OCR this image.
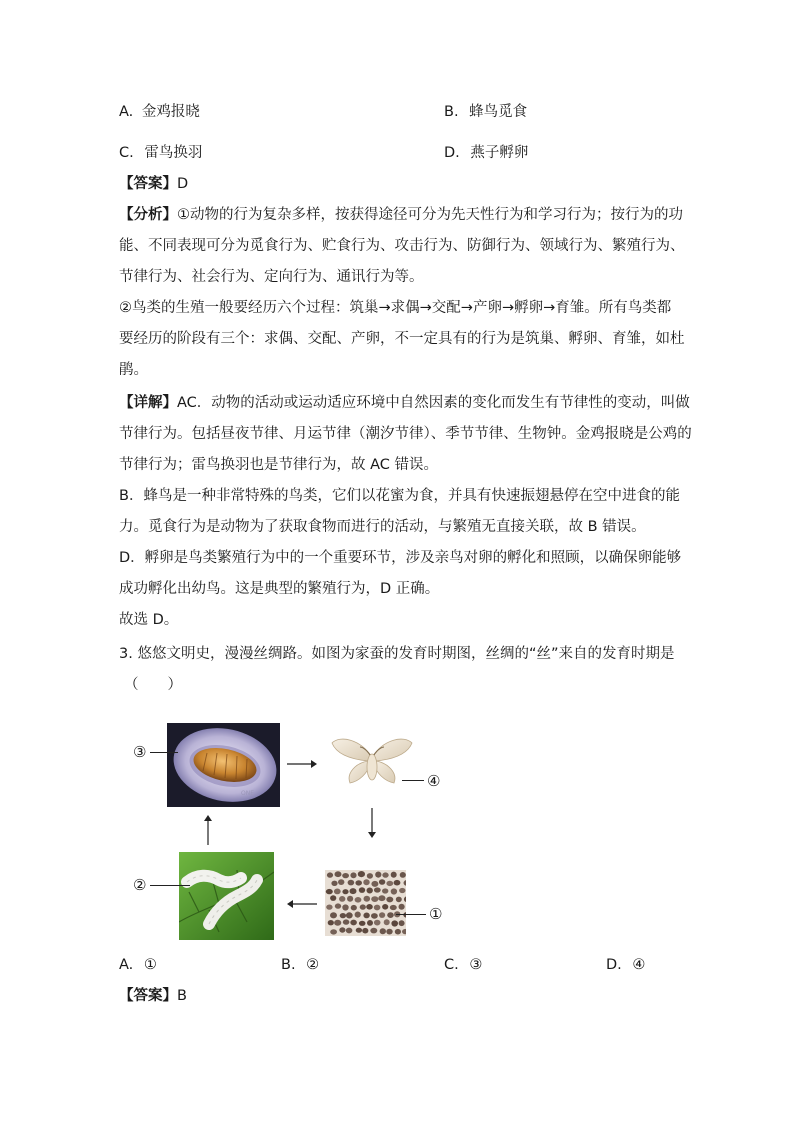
A. 金鸡报晓	B. 蜂鸟觅食
C. 雷鸟换羽	D. 燕子孵卵
【答案】D
【分析】①动物的行为复杂多样，按获得途径可分为先天性行为和学习行为；按行为的功
能、不同表现可分为觅食行为、贮食行为、攻击行为、防御行为、领域行为、繁殖行为、
节律行为、社会行为、定向行为、通讯行为等。
②鸟类的生殖一般要经历六个过程：筑巢→求偶→交配→产卵→孵卵→育雏。所有鸟类都
要经历的阶段有三个：求偶、交配、产卵，不一定具有的行为是筑巢、孵卵、育雏，如杜
鹃。
【详解】AC．动物的活动或运动适应环境中自然因素的变化而发生有节律性的变动，叫做
节律行为。包括昼夜节律、月运节律（潮汐节律）、季节节律、生物钟。金鸡报晓是公鸡的
节律行为；雷鸟换羽也是节律行为，故 AC 错误。
B．蜂鸟是一种非常特殊的鸟类，它们以花蜜为食，并具有快速振翅悬停在空中进食的能
力。觅食行为是动物为了获取食物而进行的活动，与繁殖无直接关联，故 B 错误。
D．孵卵是鸟类繁殖行为中的一个重要环节，涉及亲鸟对卵的孵化和照顾，以确保卵能够
成功孵化出幼鸟。这是典型的繁殖行为，D 正确。
故选 D。
3. 悠悠文明史，漫漫丝绸路。如图为家蚕的发育时期图，丝绸的“丝”来自的发育时期是
（　　）
ONE
③
④
①
②
A. ①	B. ②	C. ③	D. ④
【答案】B
